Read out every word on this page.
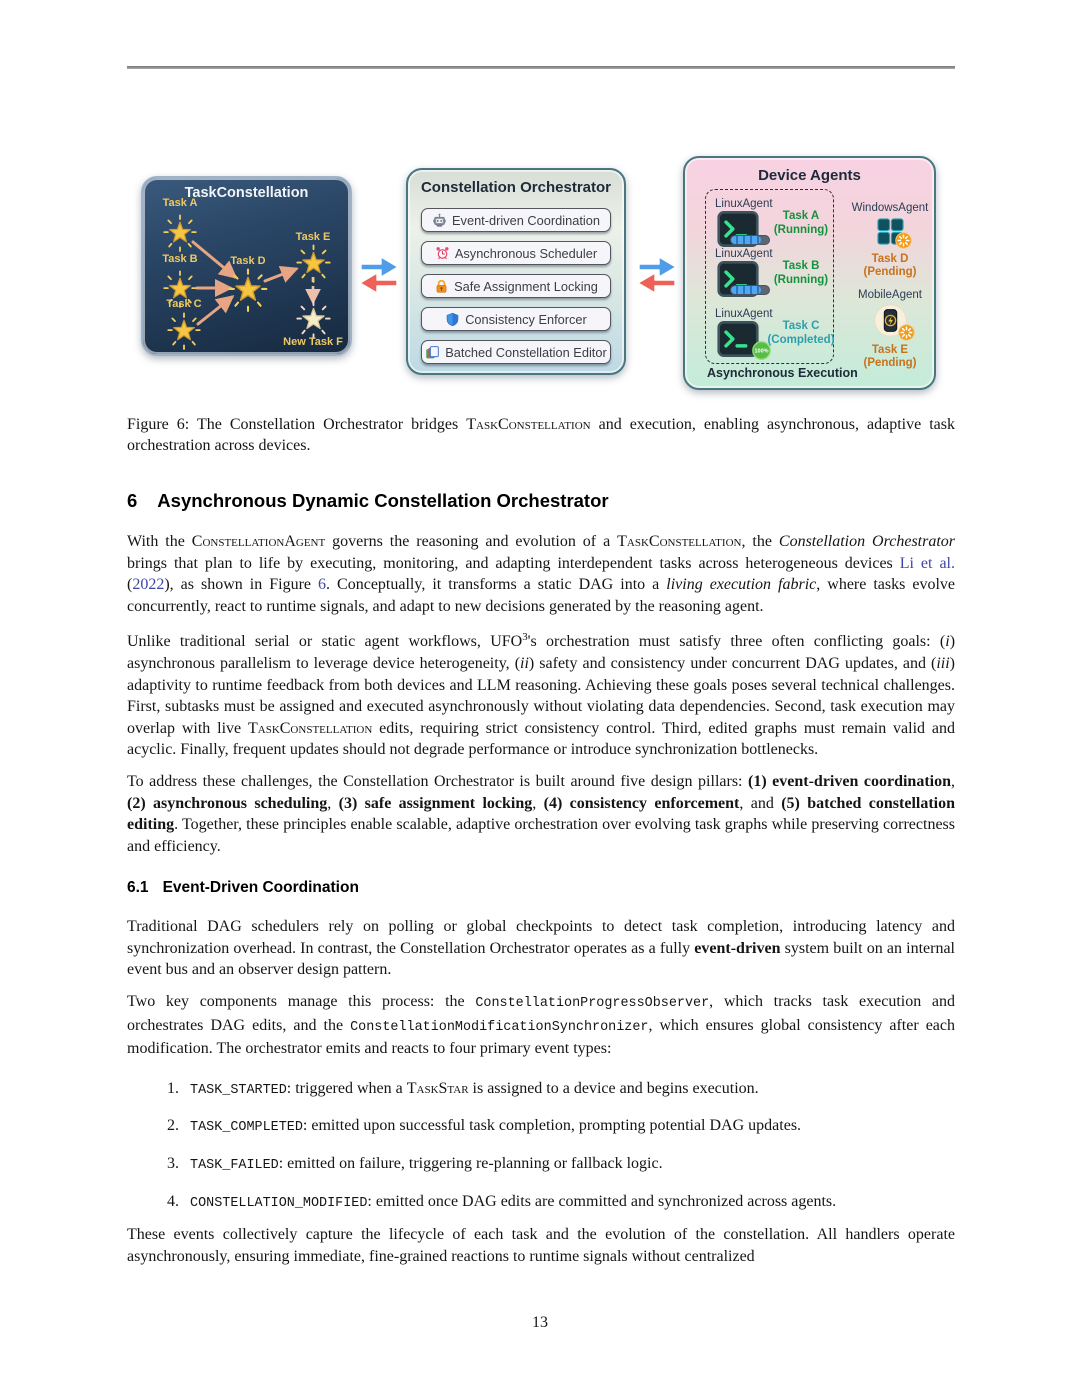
TaskConstellation
Task A
Task B
Task C
Task D
Task E
New Task F
Constellation Orchestrator
Event-driven Coordination
Asynchronous Scheduler
Safe Assignment Locking
Consistency Enforcer
Batched Constellation Editor
Device Agents
LinuxAgent
Task A
(Running)
LinuxAgent
Task B
(Running)
LinuxAgent
100%
Task C
(Completed)
WindowsAgent
Task D
(Pending)
MobileAgent
Task E
(Pending)
Asynchronous Execution

Figure 6: The Constellation Orchestrator bridges TaskConstellation and execution, enabling asynchronous, adaptive task orchestration across devices.

6 Asynchronous Dynamic Constellation Orchestrator

With the ConstellationAgent governs the reasoning and evolution of a TaskConstellation, the Constellation Orchestrator brings that plan to life by executing, monitoring, and adapting interdependent tasks across heterogeneous devices Li et al. (2022), as shown in Figure 6. Conceptually, it transforms a static DAG into a living execution fabric, where tasks evolve concurrently, react to runtime signals, and adapt to new decisions generated by the reasoning agent.

Unlike traditional serial or static agent workflows, UFO$^3$'s orchestration must satisfy three often conflicting goals: (i) asynchronous parallelism to leverage device heterogeneity, (ii) safety and consistency under concurrent DAG updates, and (iii) adaptivity to runtime feedback from both devices and LLM reasoning. Achieving these goals poses several technical challenges. First, subtasks must be assigned and executed asynchronously without violating data dependencies. Second, task execution may overlap with live TaskConstellation edits, requiring strict consistency control. Third, edited graphs must remain valid and acyclic. Finally, frequent updates should not degrade performance or introduce synchronization bottlenecks.

To address these challenges, the Constellation Orchestrator is built around five design pillars: (1) event-driven coordination, (2) asynchronous scheduling, (3) safe assignment locking, (4) consistency enforcement, and (5) batched constellation editing. Together, these principles enable scalable, adaptive orchestration over evolving task graphs while preserving correctness and efficiency.

6.1 Event-Driven Coordination

Traditional DAG schedulers rely on polling or global checkpoints to detect task completion, introducing latency and synchronization overhead. In contrast, the Constellation Orchestrator operates as a fully event-driven system built on an internal event bus and an observer design pattern.

Two key components manage this process: the ConstellationProgressObserver, which tracks task execution and orchestrates DAG edits, and the ConstellationModificationSynchronizer, which ensures global consistency after each modification. The orchestrator emits and reacts to four primary event types:

1. TASK_STARTED: triggered when a TaskStar is assigned to a device and begins execution.
2. TASK_COMPLETED: emitted upon successful task completion, prompting potential DAG updates.
3. TASK_FAILED: emitted on failure, triggering re-planning or fallback logic.
4. CONSTELLATION_MODIFIED: emitted once DAG edits are committed and synchronized across agents.

These events collectively capture the lifecycle of each task and the evolution of the constellation. All handlers operate asynchronously, ensuring immediate, fine-grained reactions to runtime signals without centralized

13
